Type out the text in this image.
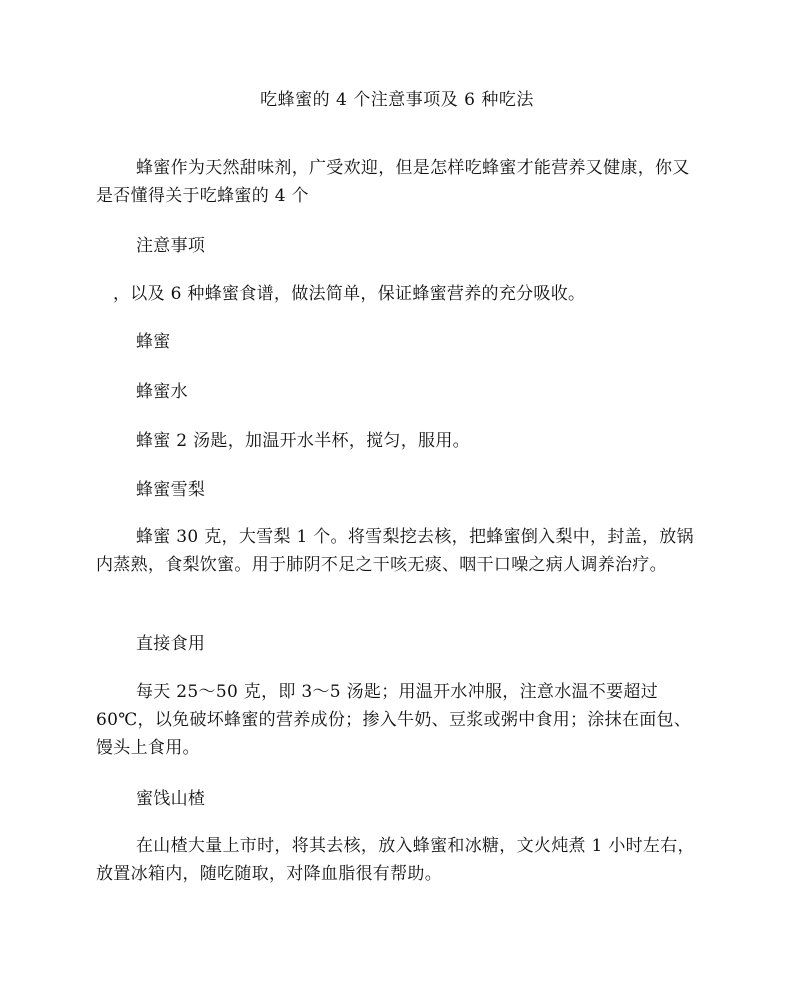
吃蜂蜜的 4 个注意事项及 6 种吃法

蜂蜜作为天然甜味剂，广受欢迎，但是怎样吃蜂蜜才能营养又健康，你又是否懂得关于吃蜂蜜的 4 个

注意事项

，以及 6 种蜂蜜食谱，做法简单，保证蜂蜜营养的充分吸收。

蜂蜜

蜂蜜水

蜂蜜 2 汤匙，加温开水半杯，搅匀，服用。

蜂蜜雪梨

蜂蜜 30 克，大雪梨 1 个。将雪梨挖去核，把蜂蜜倒入梨中，封盖，放锅内蒸熟，食梨饮蜜。用于肺阴不足之干咳无痰、咽干口噪之病人调养治疗。

直接食用

每天 25～50 克，即 3～5 汤匙；用温开水冲服，注意水温不要超过 60℃，以免破坏蜂蜜的营养成份；掺入牛奶、豆浆或粥中食用；涂抹在面包、馒头上食用。

蜜饯山楂

在山楂大量上市时，将其去核，放入蜂蜜和冰糖，文火炖煮 1 小时左右，放置冰箱内，随吃随取，对降血脂很有帮助。
